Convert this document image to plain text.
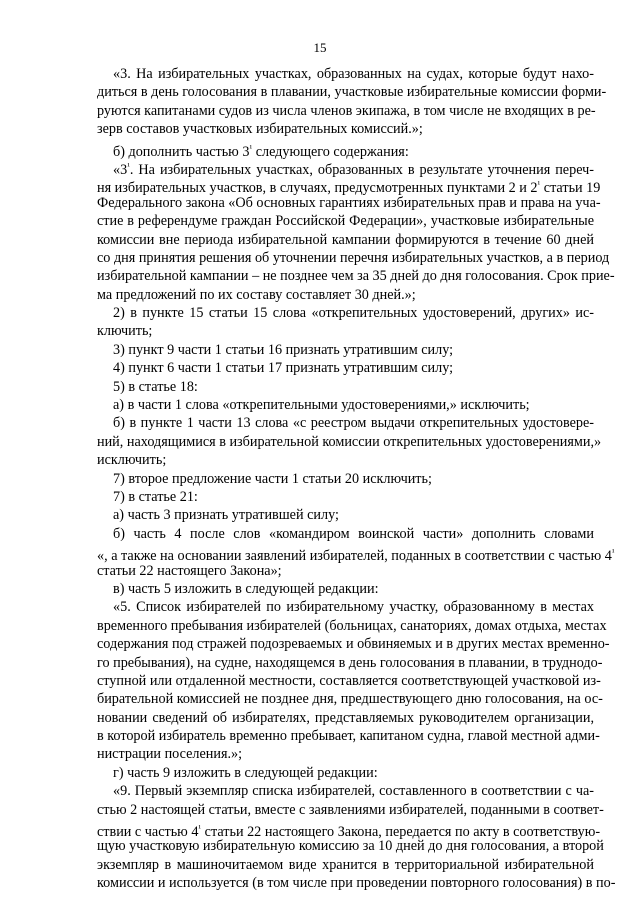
15
«3. На избирательных участках, образованных на судах, которые будут нахо-
диться в день голосования в плавании, участковые избирательные комиссии форми-
руются капитанами судов из числа членов экипажа, в том числе не входящих в ре-
зерв составов участковых избирательных комиссий.»;
б) дополнить частью $3^{^1}$ следующего содержания:
«$3^{^1}$. На избирательных участках, образованных в результате уточнения переч-
ня избирательных участков, в случаях, предусмотренных пунктами 2 и $2^{^1}$ статьи 19
Федерального закона «Об основных гарантиях избирательных прав и права на уча-
стие в референдуме граждан Российской Федерации», участковые избирательные
комиссии вне периода избирательной кампании формируются в течение 60 дней
со дня принятия решения об уточнении перечня избирательных участков, а в период
избирательной кампании – не позднее чем за 35 дней до дня голосования. Срок прие-
ма предложений по их составу составляет 30 дней.»;
2) в пункте 15 статьи 15 слова «открепительных удостоверений, других» ис-
ключить;
3) пункт 9 части 1 статьи 16 признать утратившим силу;
4) пункт 6 части 1 статьи 17 признать утратившим силу;
5) в статье 18:
а) в части 1 слова «открепительными удостоверениями,» исключить;
б) в пункте 1 части 13 слова «с реестром выдачи открепительных удостовере-
ний, находящимися в избирательной комиссии открепительных удостоверениями,»
исключить;
7) второе предложение части 1 статьи 20 исключить;
7) в статье 21:
а) часть 3 признать утратившей силу;
б) часть 4 после слов «командиром воинской части» дополнить словами
«, а также на основании заявлений избирателей, поданных в соответствии с частью $4^{^1}$
статьи 22 настоящего Закона»;
в) часть 5 изложить в следующей редакции:
«5. Список избирателей по избирательному участку, образованному в местах
временного пребывания избирателей (больницах, санаториях, домах отдыха, местах
содержания под стражей подозреваемых и обвиняемых и в других местах временно-
го пребывания), на судне, находящемся в день голосования в плавании, в труднодо-
ступной или отдаленной местности, составляется соответствующей участковой из-
бирательной комиссией не позднее дня, предшествующего дню голосования, на ос-
новании сведений об избирателях, представляемых руководителем организации,
в которой избиратель временно пребывает, капитаном судна, главой местной адми-
нистрации поселения.»;
г) часть 9 изложить в следующей редакции:
«9. Первый экземпляр списка избирателей, составленного в соответствии с ча-
стью 2 настоящей статьи, вместе с заявлениями избирателей, поданными в соответ-
ствии с частью $4^{^1}$ статьи 22 настоящего Закона, передается по акту в соответствую-
щую участковую избирательную комиссию за 10 дней до дня голосования, а второй
экземпляр в машиночитаемом виде хранится в территориальной избирательной
комиссии и используется (в том числе при проведении повторного голосования) в по-
